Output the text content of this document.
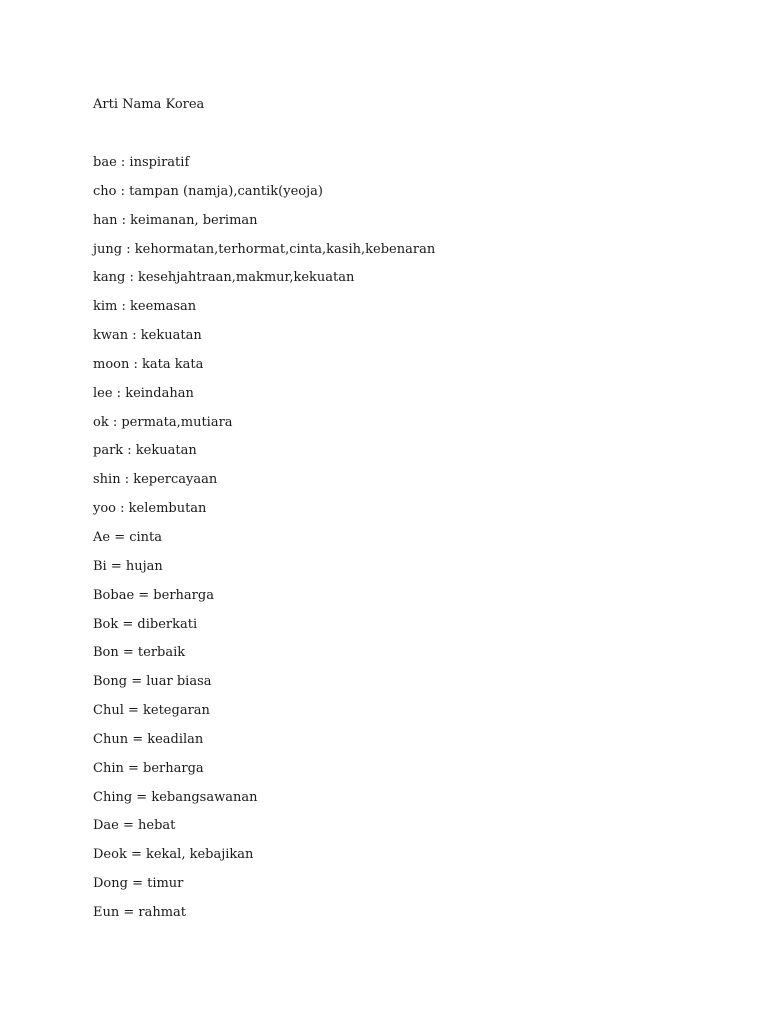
Arti Nama Korea
bae : inspiratif
cho : tampan (namja),cantik(yeoja)
han : keimanan, beriman
jung : kehormatan,terhormat,cinta,kasih,kebenaran
kang : kesehjahtraan,makmur,kekuatan
kim : keemasan
kwan : kekuatan
moon : kata kata
lee : keindahan
ok : permata,mutiara
park : kekuatan
shin : kepercayaan
yoo : kelembutan
Ae = cinta
Bi = hujan
Bobae = berharga
Bok = diberkati
Bon = terbaik
Bong = luar biasa
Chul = ketegaran
Chun = keadilan
Chin = berharga
Ching = kebangsawanan
Dae = hebat
Deok = kekal, kebajikan
Dong = timur
Eun = rahmat
